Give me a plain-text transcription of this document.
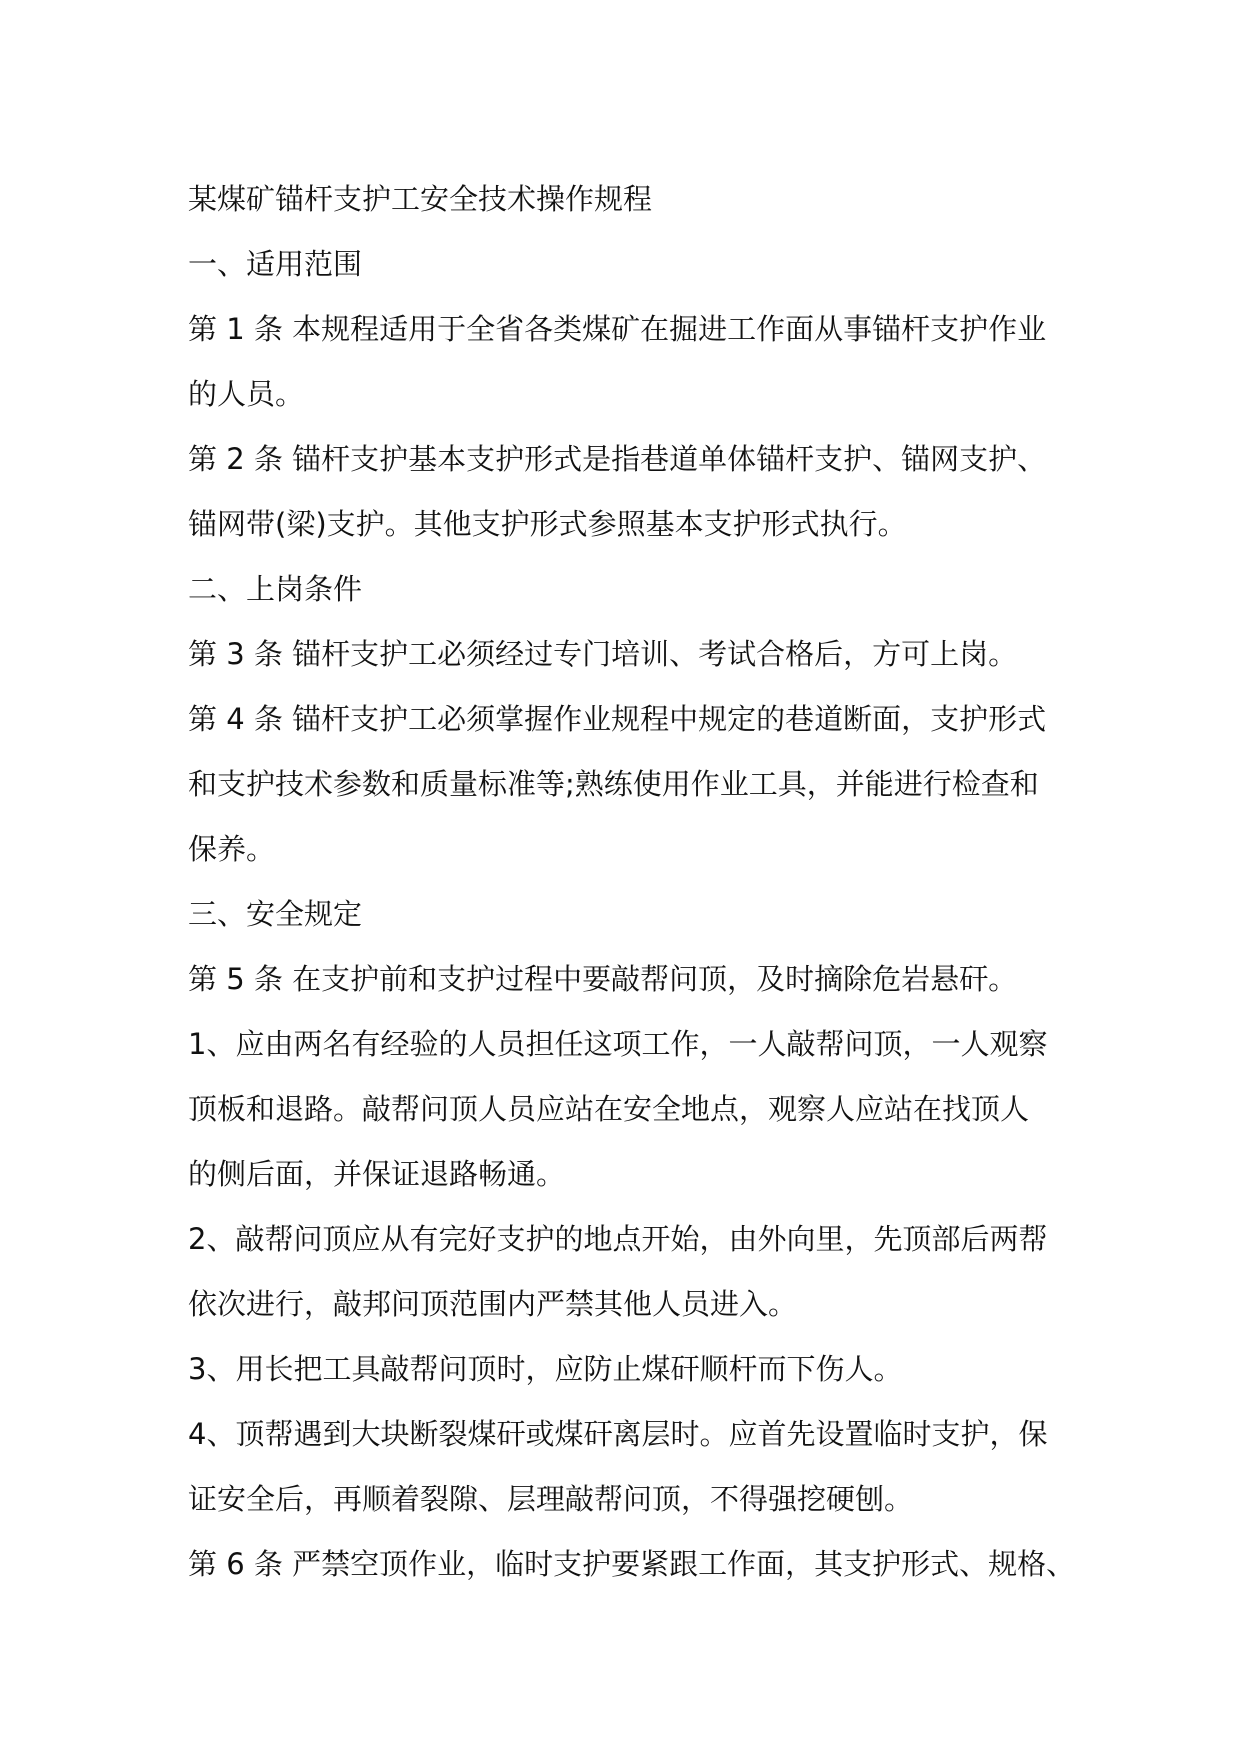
某煤矿锚杆支护工安全技术操作规程
一、适用范围
第 1 条 本规程适用于全省各类煤矿在掘进工作面从事锚杆支护作业
的人员。
第 2 条 锚杆支护基本支护形式是指巷道单体锚杆支护、锚网支护、
锚网带(梁)支护。其他支护形式参照基本支护形式执行。
二、上岗条件
第 3 条 锚杆支护工必须经过专门培训、考试合格后，方可上岗。
第 4 条 锚杆支护工必须掌握作业规程中规定的巷道断面，支护形式
和支护技术参数和质量标准等;熟练使用作业工具，并能进行检查和
保养。
三、安全规定
第 5 条 在支护前和支护过程中要敲帮问顶，及时摘除危岩悬矸。
1、应由两名有经验的人员担任这项工作，一人敲帮问顶，一人观察
顶板和退路。敲帮问顶人员应站在安全地点，观察人应站在找顶人
的侧后面，并保证退路畅通。
2、敲帮问顶应从有完好支护的地点开始，由外向里，先顶部后两帮
依次进行，敲邦问顶范围内严禁其他人员进入。
3、用长把工具敲帮问顶时，应防止煤矸顺杆而下伤人。
4、顶帮遇到大块断裂煤矸或煤矸离层时。应首先设置临时支护，保
证安全后，再顺着裂隙、层理敲帮问顶，不得强挖硬刨。
第 6 条 严禁空顶作业，临时支护要紧跟工作面，其支护形式、规格、
